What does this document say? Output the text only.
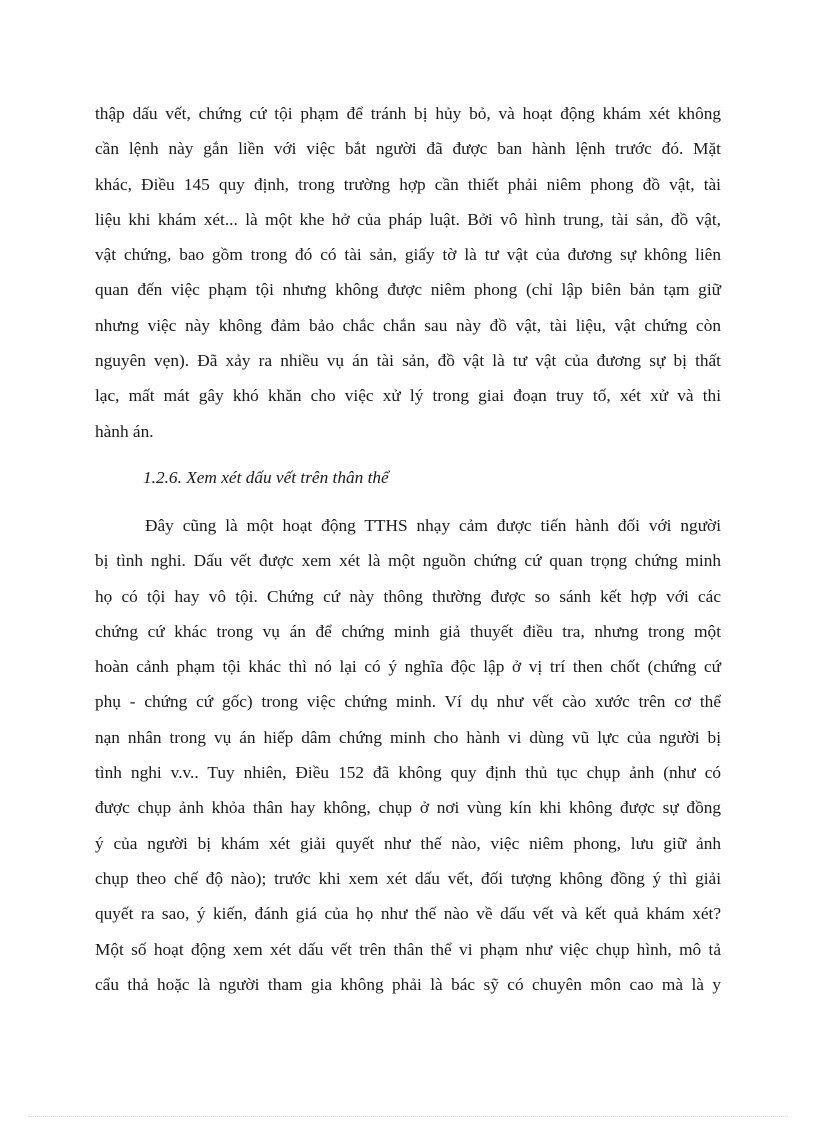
thập dấu vết, chứng cứ tội phạm để tránh bị hủy bỏ, và hoạt động khám xét không
cần lệnh này gắn liền với việc bắt người đã được ban hành lệnh trước đó. Mặt
khác, Điều 145 quy định, trong trường hợp cần thiết phải niêm phong đồ vật, tài
liệu khi khám xét... là một khe hở của pháp luật. Bởi vô hình trung, tài sản, đồ vật,
vật chứng, bao gồm trong đó có tài sản, giấy tờ là tư vật của đương sự không liên
quan đến việc phạm tội nhưng không được niêm phong (chỉ lập biên bản tạm giữ
nhưng việc này không đảm bảo chắc chắn sau này đồ vật, tài liệu, vật chứng còn
nguyên vẹn). Đã xảy ra nhiều vụ án tài sản, đồ vật là tư vật của đương sự bị thất
lạc, mất mát gây khó khăn cho việc xử lý trong giai đoạn truy tố, xét xử và thi
hành án.
1.2.6. Xem xét dấu vết trên thân thể
Đây cũng là một hoạt động TTHS nhạy cảm được tiến hành đối với người
bị tình nghi. Dấu vết được xem xét là một nguồn chứng cứ quan trọng chứng minh
họ có tội hay vô tội. Chứng cứ này thông thường được so sánh kết hợp với các
chứng cứ khác trong vụ án để chứng minh giả thuyết điều tra, nhưng trong một
hoàn cảnh phạm tội khác thì nó lại có ý nghĩa độc lập ở vị trí then chốt (chứng cứ
phụ - chứng cứ gốc) trong việc chứng minh. Ví dụ như vết cào xước trên cơ thể
nạn nhân trong vụ án hiếp dâm chứng minh cho hành vi dùng vũ lực của người bị
tình nghi v.v.. Tuy nhiên, Điều 152 đã không quy định thủ tục chụp ảnh (như có
được chụp ảnh khỏa thân hay không, chụp ở nơi vùng kín khi không được sự đồng
ý của người bị khám xét giải quyết như thế nào, việc niêm phong, lưu giữ ảnh
chụp theo chế độ nào); trước khi xem xét dấu vết, đối tượng không đồng ý thì giải
quyết ra sao, ý kiến, đánh giá của họ như thế nào về dấu vết và kết quả khám xét?
Một số hoạt động xem xét dấu vết trên thân thể vi phạm như việc chụp hình, mô tả
cẩu thả hoặc là người tham gia không phải là bác sỹ có chuyên môn cao mà là y
